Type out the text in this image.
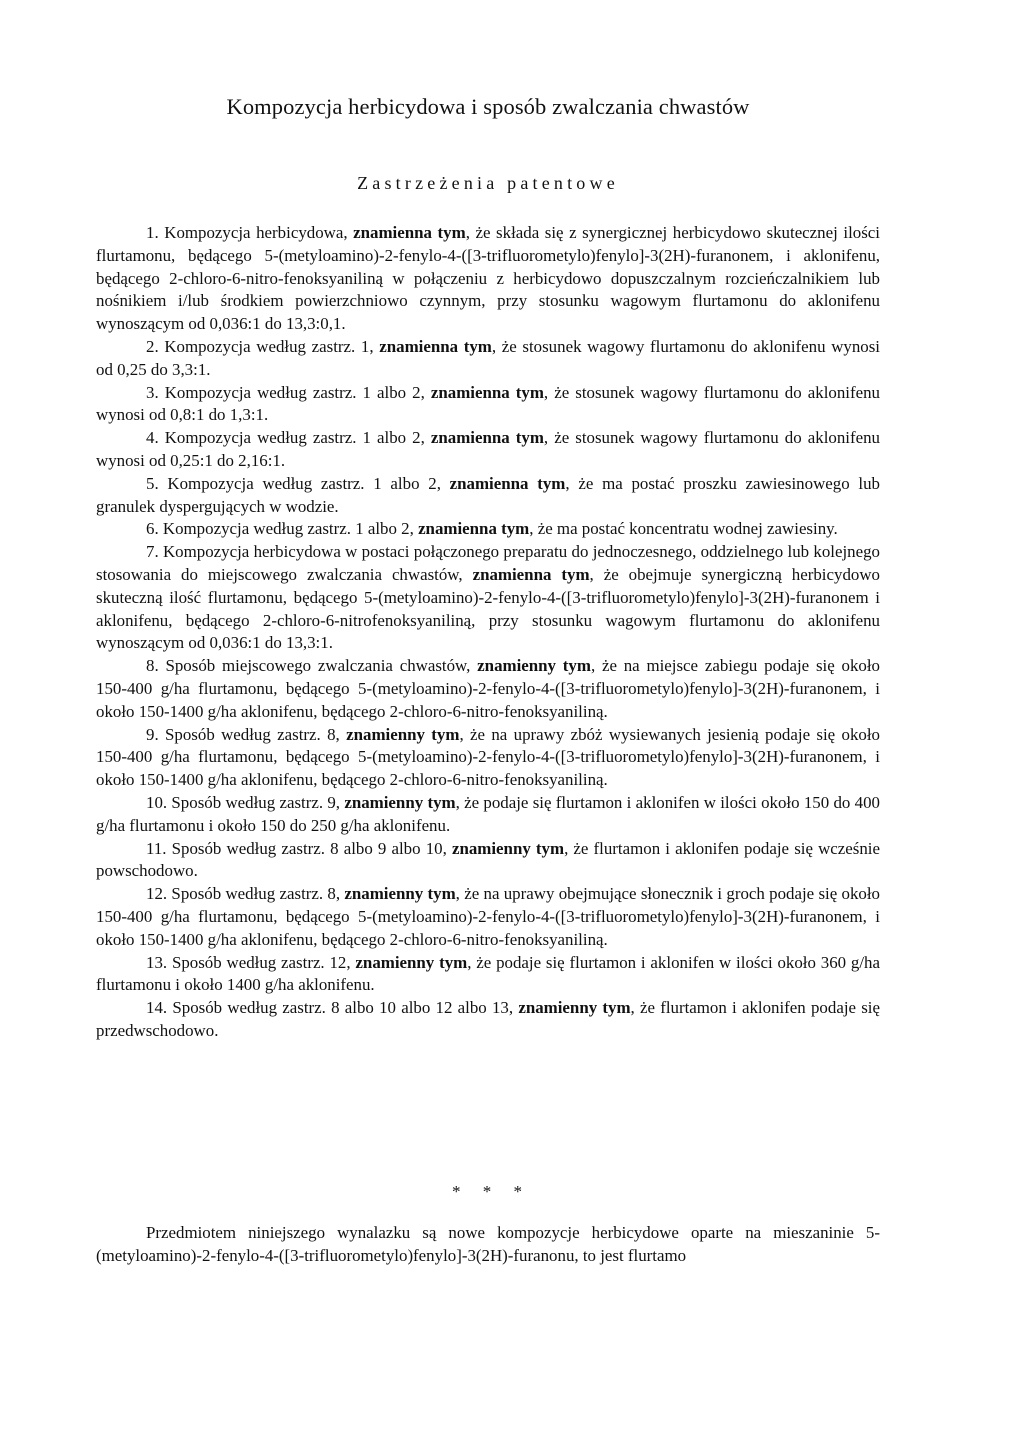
Kompozycja herbicydowa i sposób zwalczania chwastów
Zastrzeżenia patentowe

1. Kompozycja herbicydowa, znamienna tym, że składa się z synergicznej herbicydowo skutecznej ilości flurtamonu, będącego 5-(metyloamino)-2-fenylo-4-([3-trifluorometylo)fenylo]-3(2H)-furanonem, i aklonifenu, będącego 2-chloro-6-nitro-fenoksyaniliną w połączeniu z herbicydowo dopuszczalnym rozcieńczalnikiem lub nośnikiem i/lub środkiem powierzchniowo czynnym, przy stosunku wagowym flurtamonu do aklonifenu wynoszącym od 0,036:1 do 13,3:0,1.

2. Kompozycja według zastrz. 1, znamienna tym, że stosunek wagowy flurtamonu do aklonifenu wynosi od 0,25 do 3,3:1.

3. Kompozycja według zastrz. 1 albo 2, znamienna tym, że stosunek wagowy flurtamonu do aklonifenu wynosi od 0,8:1 do 1,3:1.

4. Kompozycja według zastrz. 1 albo 2, znamienna tym, że stosunek wagowy flurtamonu do aklonifenu wynosi od 0,25:1 do 2,16:1.

5. Kompozycja według zastrz. 1 albo 2, znamienna tym, że ma postać proszku zawiesinowego lub granulek dyspergujących w wodzie.

6. Kompozycja według zastrz. 1 albo 2, znamienna tym, że ma postać koncentratu wodnej zawiesiny.

7. Kompozycja herbicydowa w postaci połączonego preparatu do jednoczesnego, oddzielnego lub kolejnego stosowania do miejscowego zwalczania chwastów, znamienna tym, że obejmuje synergiczną herbicydowo skuteczną ilość flurtamonu, będącego 5-(metyloamino)-2-fenylo-4-([3-trifluorometylo)fenylo]-3(2H)-furanonem i aklonifenu, będącego 2-chloro-6-nitrofenoksyaniliną, przy stosunku wagowym flurtamonu do aklonifenu wynoszącym od 0,036:1 do 13,3:1.

8. Sposób miejscowego zwalczania chwastów, znamienny tym, że na miejsce zabiegu podaje się około 150-400 g/ha flurtamonu, będącego 5-(metyloamino)-2-fenylo-4-([3-trifluorometylo)fenylo]-3(2H)-furanonem, i około 150-1400 g/ha aklonifenu, będącego 2-chloro-6-nitro-fenoksyaniliną.

9. Sposób według zastrz. 8, znamienny tym, że na uprawy zbóż wysiewanych jesienią podaje się około 150-400 g/ha flurtamonu, będącego 5-(metyloamino)-2-fenylo-4-([3-trifluorometylo)fenylo]-3(2H)-furanonem, i około 150-1400 g/ha aklonifenu, będącego 2-chloro-6-nitro-fenoksyaniliną.

10. Sposób według zastrz. 9, znamienny tym, że podaje się flurtamon i aklonifen w ilości około 150 do 400 g/ha flurtamonu i około 150 do 250 g/ha aklonifenu.

11. Sposób według zastrz. 8 albo 9 albo 10, znamienny tym, że flurtamon i aklonifen podaje się wcześnie powschodowo.

12. Sposób według zastrz. 8, znamienny tym, że na uprawy obejmujące słonecznik i groch podaje się około 150-400 g/ha flurtamonu, będącego 5-(metyloamino)-2-fenylo-4-([3-trifluorometylo)fenylo]-3(2H)-furanonem, i około 150-1400 g/ha aklonifenu, będącego 2-chloro-6-nitro-fenoksyaniliną.

13. Sposób według zastrz. 12, znamienny tym, że podaje się flurtamon i aklonifen w ilości około 360 g/ha flurtamonu i około 1400 g/ha aklonifenu.

14. Sposób według zastrz. 8 albo 10 albo 12 albo 13, znamienny tym, że flurtamon i aklonifen podaje się przedwschodowo.

* * *

Przedmiotem niniejszego wynalazku są nowe kompozycje herbicydowe oparte na mieszaninie 5-(metyloamino)-2-fenylo-4-([3-trifluorometylo)fenylo]-3(2H)-furanonu, to jest flurtamo
